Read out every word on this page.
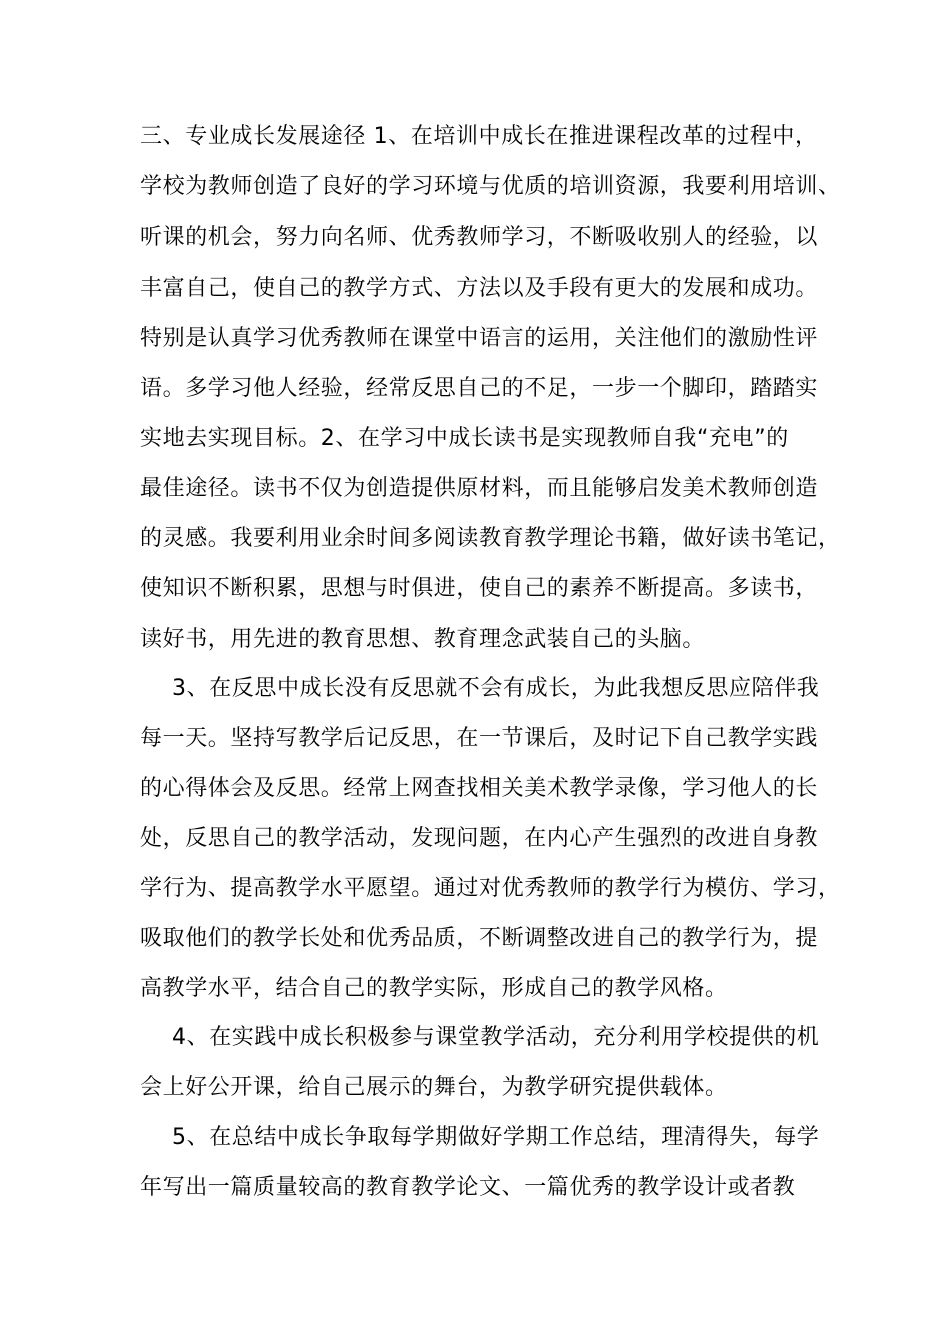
三、专业成长发展途径 1、在培训中成长在推进课程改革的过程中，
学校为教师创造了良好的学习环境与优质的培训资源，我要利用培训、
听课的机会，努力向名师、优秀教师学习，不断吸收别人的经验，以
丰富自己，使自己的教学方式、方法以及手段有更大的发展和成功。
特别是认真学习优秀教师在课堂中语言的运用，关注他们的激励性评
语。多学习他人经验，经常反思自己的不足，一步一个脚印，踏踏实
实地去实现目标。2、在学习中成长读书是实现教师自我“充电”的
最佳途径。读书不仅为创造提供原材料，而且能够启发美术教师创造
的灵感。我要利用业余时间多阅读教育教学理论书籍，做好读书笔记，
使知识不断积累，思想与时俱进，使自己的素养不断提高。多读书，
读好书，用先进的教育思想、教育理念武装自己的头脑。
3、在反思中成长没有反思就不会有成长，为此我想反思应陪伴我
每一天。坚持写教学后记反思，在一节课后，及时记下自己教学实践
的心得体会及反思。经常上网查找相关美术教学录像，学习他人的长
处，反思自己的教学活动，发现问题，在内心产生强烈的改进自身教
学行为、提高教学水平愿望。通过对优秀教师的教学行为模仿、学习，
吸取他们的教学长处和优秀品质，不断调整改进自己的教学行为，提
高教学水平，结合自己的教学实际，形成自己的教学风格。
4、在实践中成长积极参与课堂教学活动，充分利用学校提供的机
会上好公开课，给自己展示的舞台，为教学研究提供载体。
5、在总结中成长争取每学期做好学期工作总结，理清得失，每学
年写出一篇质量较高的教育教学论文、一篇优秀的教学设计或者教
